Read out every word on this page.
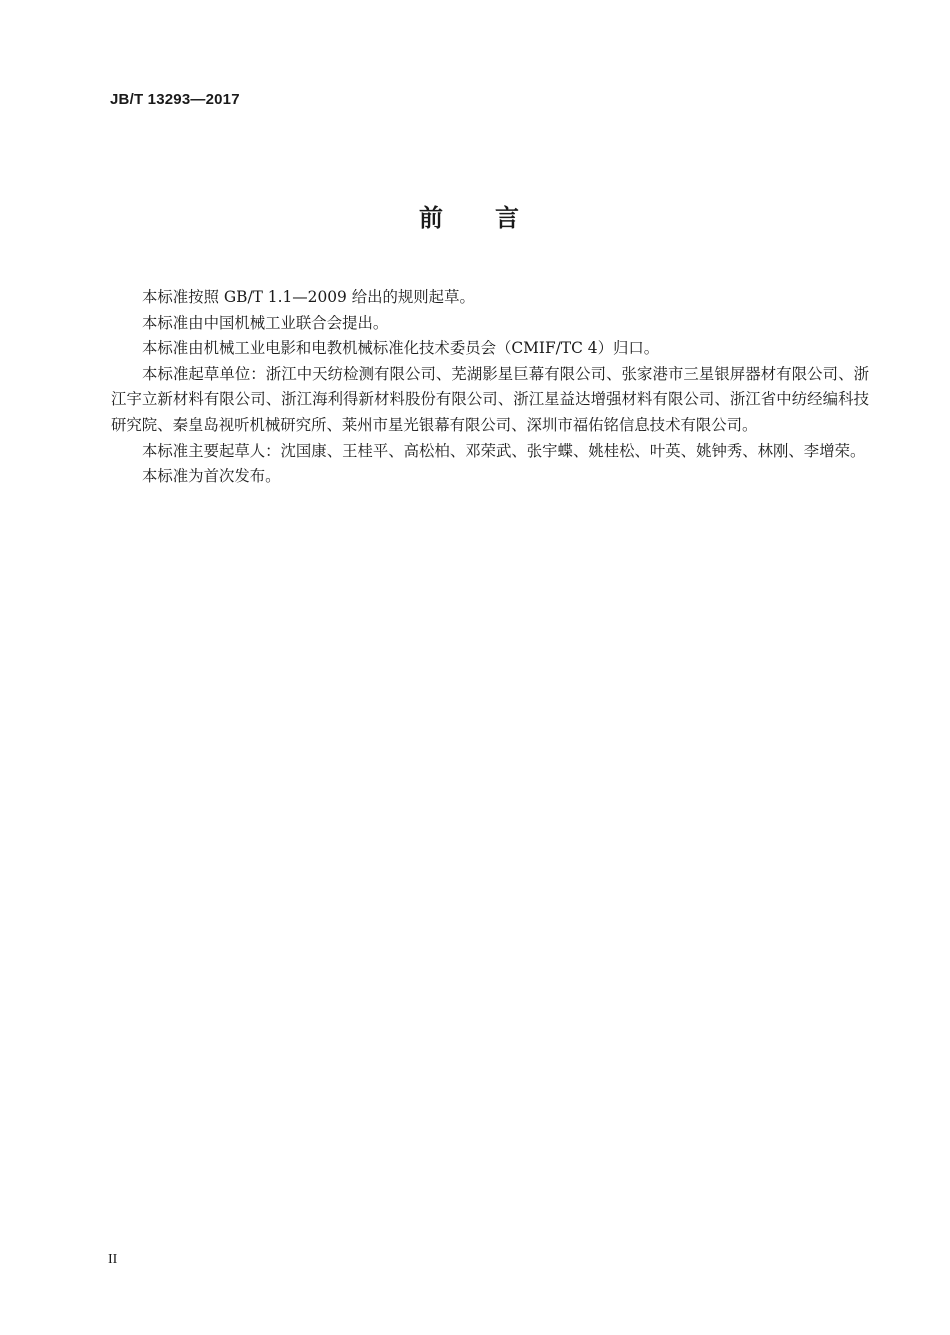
JB/T 13293—2017
前言

本标准按照 GB/T 1.1—2009 给出的规则起草。

本标准由中国机械工业联合会提出。

本标准由机械工业电影和电教机械标准化技术委员会（CMIF/TC 4）归口。

本标准起草单位：浙江中天纺检测有限公司、芜湖影星巨幕有限公司、张家港市三星银屏器材有限公司、浙江宇立新材料有限公司、浙江海利得新材料股份有限公司、浙江星益达增强材料有限公司、浙江省中纺经编科技研究院、秦皇岛视听机械研究所、莱州市星光银幕有限公司、深圳市福佑铭信息技术有限公司。

本标准主要起草人：沈国康、王桂平、高松柏、邓荣武、张宇蝶、姚桂松、叶英、姚钟秀、林刚、李增荣。

本标准为首次发布。

II
